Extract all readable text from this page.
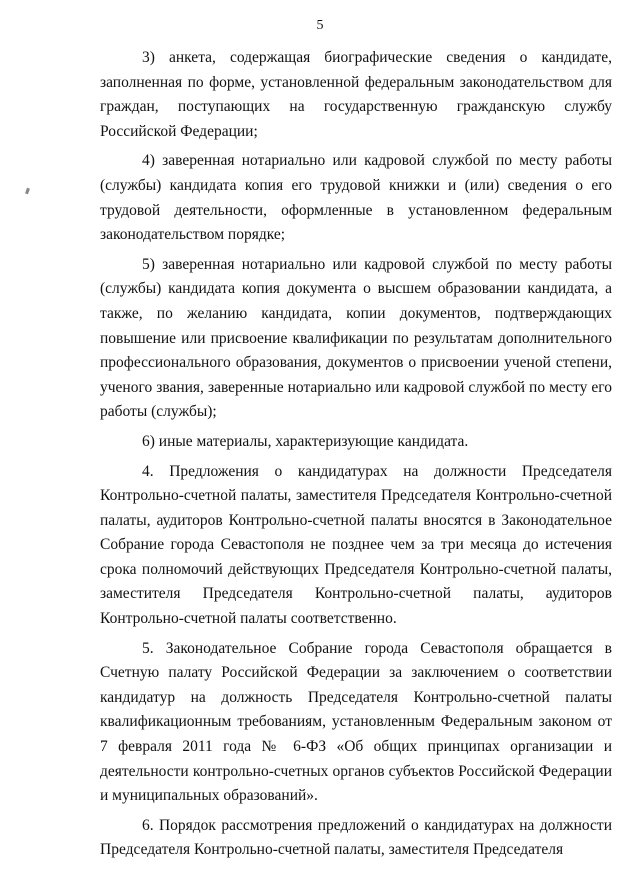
5

3) анкета, содержащая биографические сведения о кандидате, заполненная по форме, установленной федеральным законодательством для граждан, поступающих на государственную гражданскую службу Российской Федерации;

4) заверенная нотариально или кадровой службой по месту работы (службы) кандидата копия его трудовой книжки и (или) сведения о его трудовой деятельности, оформленные в установленном федеральным законодательством порядке;

5) заверенная нотариально или кадровой службой по месту работы (службы) кандидата копия документа о высшем образовании кандидата, а также, по желанию кандидата, копии документов, подтверждающих повышение или присвоение квалификации по результатам дополнительного профессионального образования, документов о присвоении ученой степени, ученого звания, заверенные нотариально или кадровой службой по месту его работы (службы);

6) иные материалы, характеризующие кандидата.

4. Предложения о кандидатурах на должности Председателя Контрольно-счетной палаты, заместителя Председателя Контрольно-счетной палаты, аудиторов Контрольно-счетной палаты вносятся в Законодательное Собрание города Севастополя не позднее чем за три месяца до истечения срока полномочий действующих Председателя Контрольно-счетной палаты, заместителя Председателя Контрольно-счетной палаты, аудиторов Контрольно-счетной палаты соответственно.

5. Законодательное Собрание города Севастополя обращается в Счетную палату Российской Федерации за заключением о соответствии кандидатур на должность Председателя Контрольно-счетной палаты квалификационным требованиям, установленным Федеральным законом от 7 февраля 2011 года № 6-ФЗ «Об общих принципах организации и деятельности контрольно-счетных органов субъектов Российской Федерации и муниципальных образований».

6. Порядок рассмотрения предложений о кандидатурах на должности Председателя Контрольно-счетной палаты, заместителя Председателя
